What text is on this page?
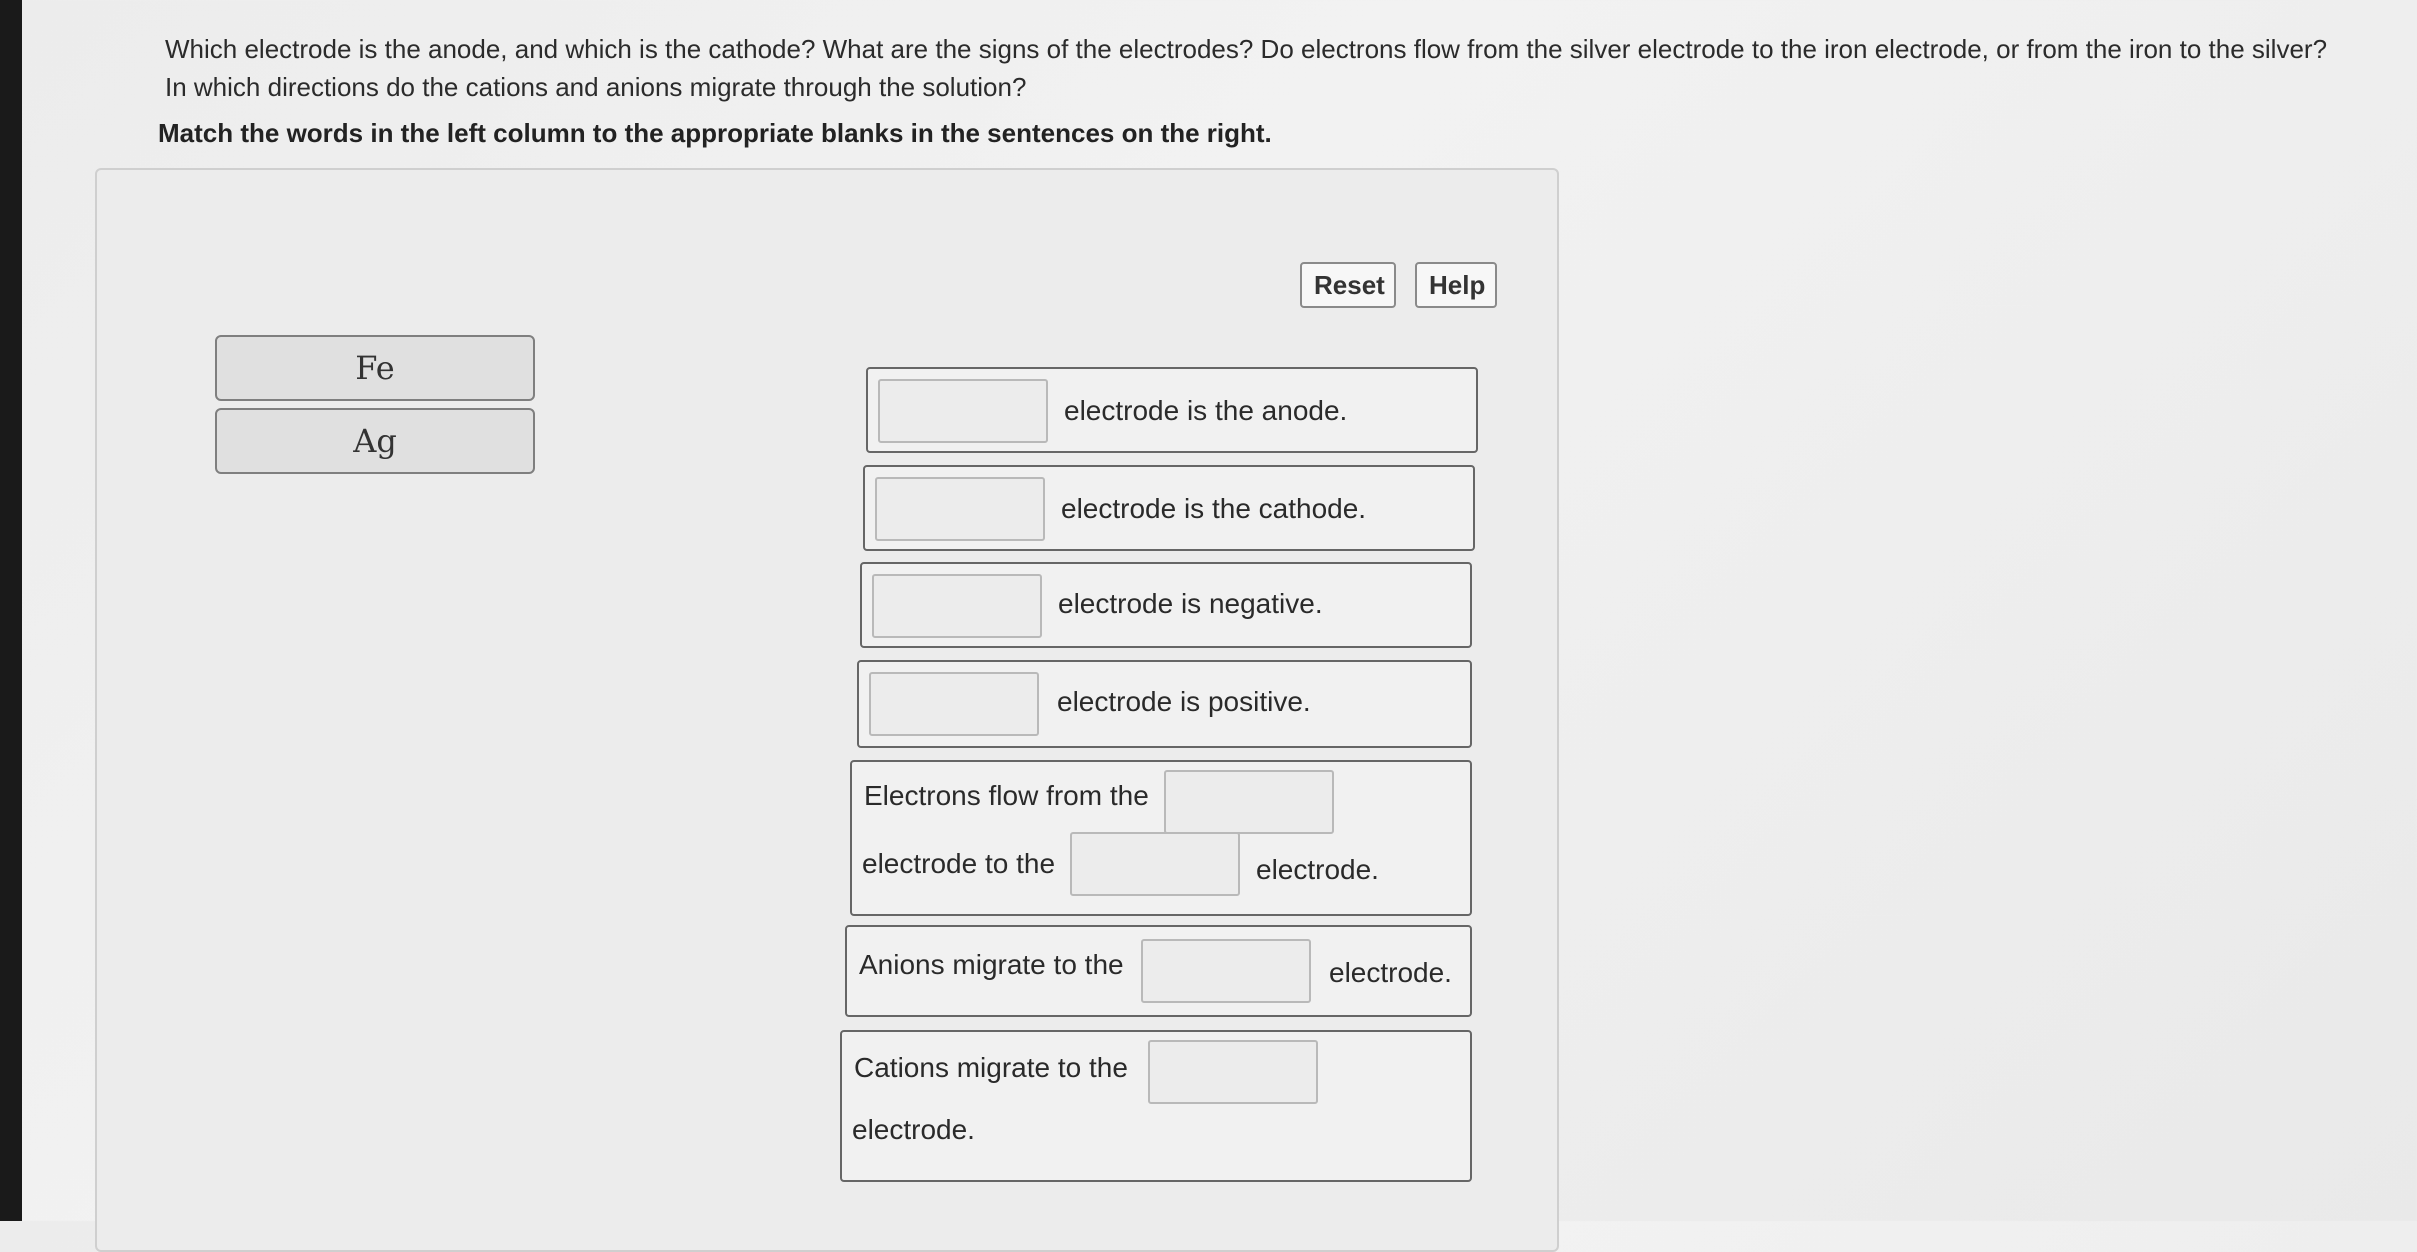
Which electrode is the anode, and which is the cathode? What are the signs of the electrodes? Do electrons flow from the silver electrode to the iron electrode, or from the iron to the silver? In which directions do the cations and anions migrate through the solution?
Match the words in the left column to the appropriate blanks in the sentences on the right.
Reset	Help
Fe
Ag
electrode is the anode.
electrode is the cathode.
electrode is negative.
electrode is positive.
Electrons flow from the
electrode to the	electrode.
Anions migrate to the	electrode.
Cations migrate to the
electrode.
